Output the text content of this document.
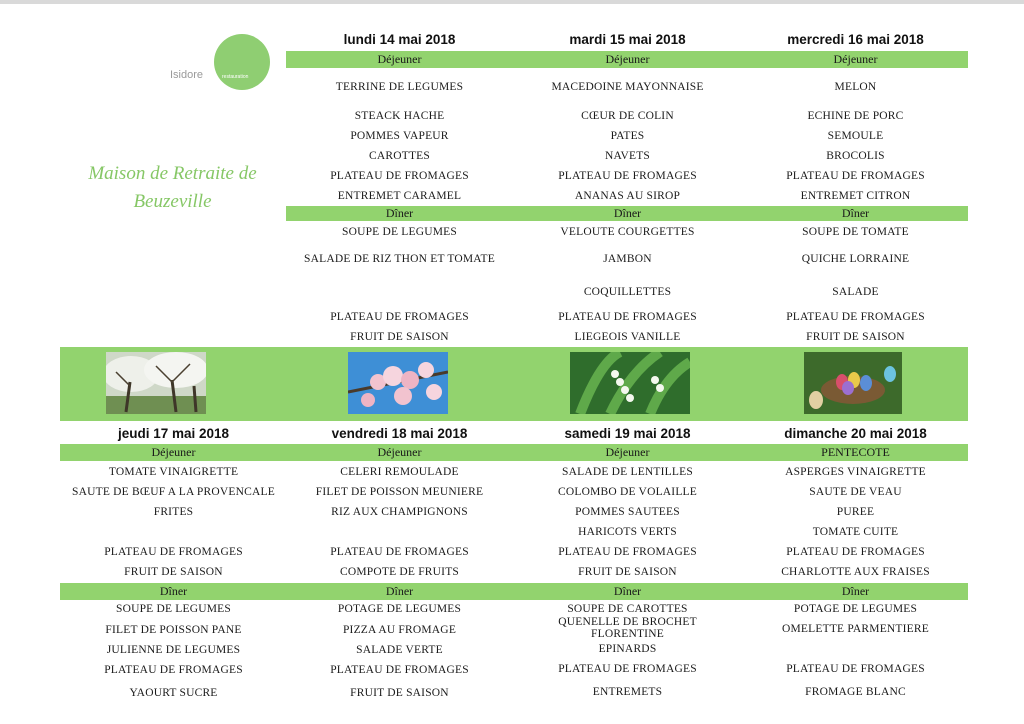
Isidore	restauration
Maison de Retraite de
Beuzeville
lundi 14 mai 2018
Déjeuner
TERRINE DE LEGUMES
STEACK HACHE
POMMES VAPEUR
CAROTTES
PLATEAU DE FROMAGES
ENTREMET CARAMEL
Dîner
SOUPE DE LEGUMES
SALADE DE RIZ THON ET TOMATE
PLATEAU DE FROMAGES
FRUIT DE SAISON
mardi 15 mai 2018
Déjeuner
MACEDOINE MAYONNAISE
CŒUR DE COLIN
PATES
NAVETS
PLATEAU DE FROMAGES
ANANAS AU SIROP
Dîner
VELOUTE COURGETTES
JAMBON
COQUILLETTES
PLATEAU DE FROMAGES
LIEGEOIS VANILLE
mercredi 16 mai 2018
Déjeuner
MELON
ECHINE DE PORC
SEMOULE
BROCOLIS
PLATEAU DE FROMAGES
ENTREMET CITRON
Dîner
SOUPE DE TOMATE
QUICHE LORRAINE
SALADE
PLATEAU DE FROMAGES
FRUIT DE SAISON
jeudi 17 mai 2018
Déjeuner
TOMATE VINAIGRETTE
SAUTE DE BŒUF A LA PROVENCALE
FRITES
PLATEAU DE FROMAGES
FRUIT DE SAISON
Dîner
SOUPE DE LEGUMES
FILET DE POISSON PANE
JULIENNE DE LEGUMES
PLATEAU DE FROMAGES
YAOURT SUCRE
vendredi 18 mai 2018
Déjeuner
CELERI REMOULADE
FILET DE POISSON MEUNIERE
RIZ AUX CHAMPIGNONS
PLATEAU DE FROMAGES
COMPOTE DE FRUITS
Dîner
POTAGE DE LEGUMES
PIZZA AU FROMAGE
SALADE VERTE
PLATEAU DE FROMAGES
FRUIT DE SAISON
samedi 19 mai 2018
Déjeuner
SALADE DE LENTILLES
COLOMBO DE VOLAILLE
POMMES SAUTEES
HARICOTS VERTS
PLATEAU DE FROMAGES
FRUIT DE SAISON
Dîner
SOUPE DE CAROTTES
QUENELLE DE BROCHET
FLORENTINE
EPINARDS
PLATEAU DE FROMAGES
ENTREMETS
dimanche 20 mai 2018
PENTECOTE
ASPERGES VINAIGRETTE
SAUTE DE VEAU
PUREE
TOMATE CUITE
PLATEAU DE FROMAGES
CHARLOTTE AUX FRAISES
Dîner
POTAGE DE LEGUMES
OMELETTE PARMENTIERE
PLATEAU DE FROMAGES
FROMAGE BLANC
